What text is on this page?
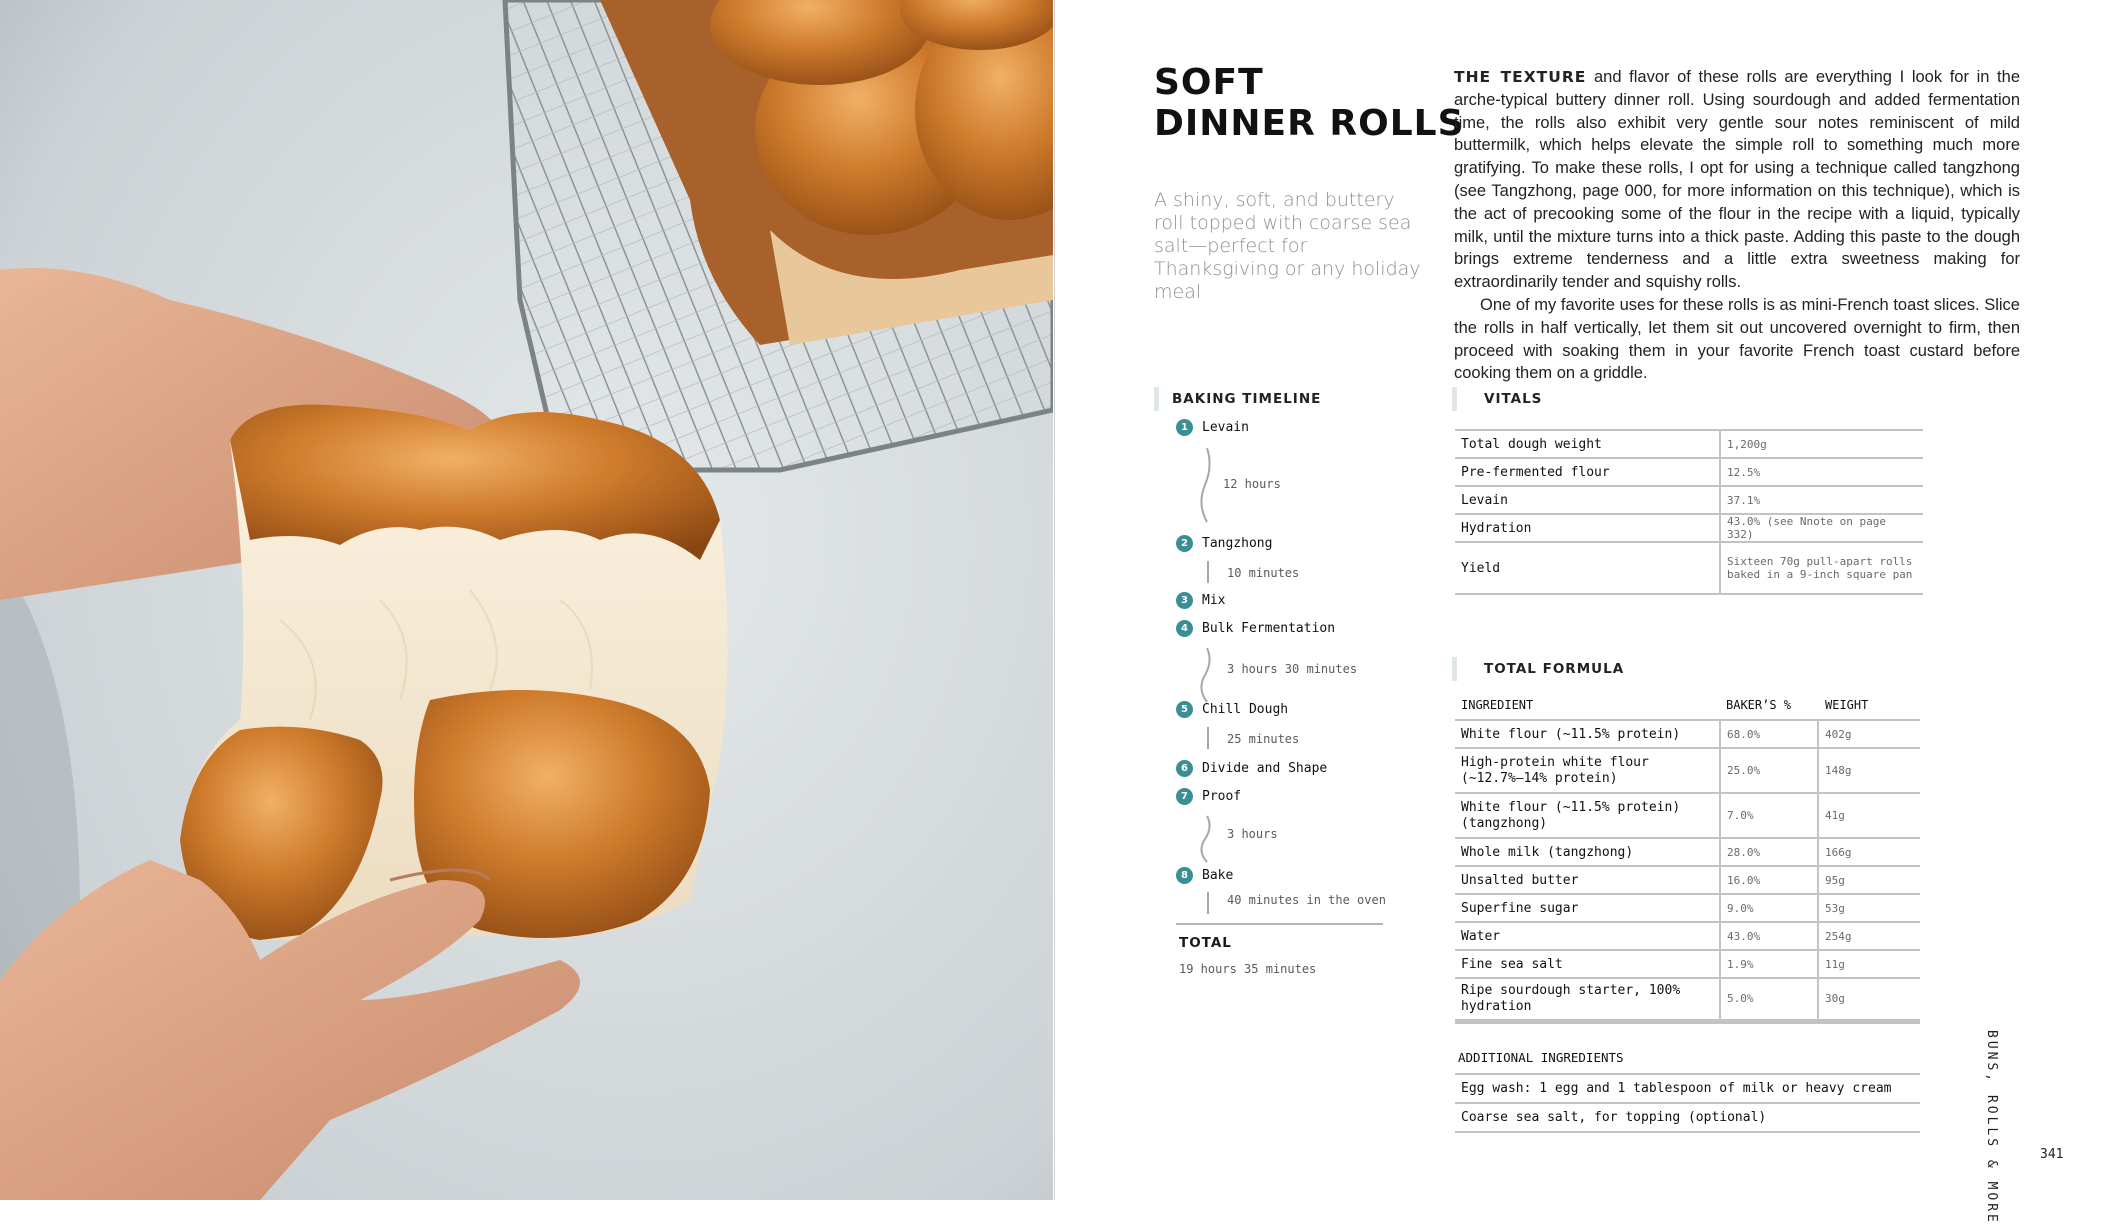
SOFT
DINNER ROLLS
A shiny, soft, and buttery roll topped with coarse sea salt—perfect for Thanksgiving or any holiday meal

THE TEXTURE and flavor of these rolls are everything I look for in the arche-typical buttery dinner roll. Using sourdough and added fermentation time, the rolls also exhibit very gentle sour notes reminiscent of mild buttermilk, which helps elevate the simple roll to something much more gratifying. To make these rolls, I opt for using a technique called tangzhong (see Tangzhong, page 000, for more information on this technique), which is the act of precooking some of the flour in the recipe with a liquid, typically milk, until the mixture turns into a thick paste. Adding this paste to the dough brings extreme tenderness and a little extra sweetness making for extraordinarily tender and squishy rolls.

One of my favorite uses for these rolls is as mini-French toast slices. Slice the rolls in half vertically, let them sit out uncovered overnight to firm, then proceed with soaking them in your favorite French toast custard before cooking them on a griddle.

BAKING TIMELINE
1	Levain
12 hours
2	Tangzhong
10 minutes
3	Mix
4	Bulk Fermentation
3 hours 30 minutes
5	Chill Dough
25 minutes
6	Divide and Shape
7	Proof
3 hours
8	Bake
40 minutes in the oven
TOTAL
19 hours 35 minutes
VITALS
Total dough weight	1,200g
Pre-fermented flour	12.5%
Levain	37.1%
Hydration	43.0% (see Nnote on page 332)
Yield	Sixteen 70g pull-apart rolls baked in a 9-inch square pan
TOTAL FORMULA
INGREDIENT	BAKER’S %	WEIGHT
White flour (~11.5% protein)	68.0%	402g
High-protein white flour (~12.7%–14% protein)	25.0%	148g
White flour (~11.5% protein) (tangzhong)	7.0%	41g
Whole milk (tangzhong)	28.0%	166g
Unsalted butter	16.0%	95g
Superfine sugar	9.0%	53g
Water	43.0%	254g
Fine sea salt	1.9%	11g
Ripe sourdough starter, 100% hydration	5.0%	30g
ADDITIONAL INGREDIENTS
Egg wash: 1 egg and 1 tablespoon of milk or heavy cream
Coarse sea salt, for topping (optional)	BUNS, ROLLS & MORE	341
